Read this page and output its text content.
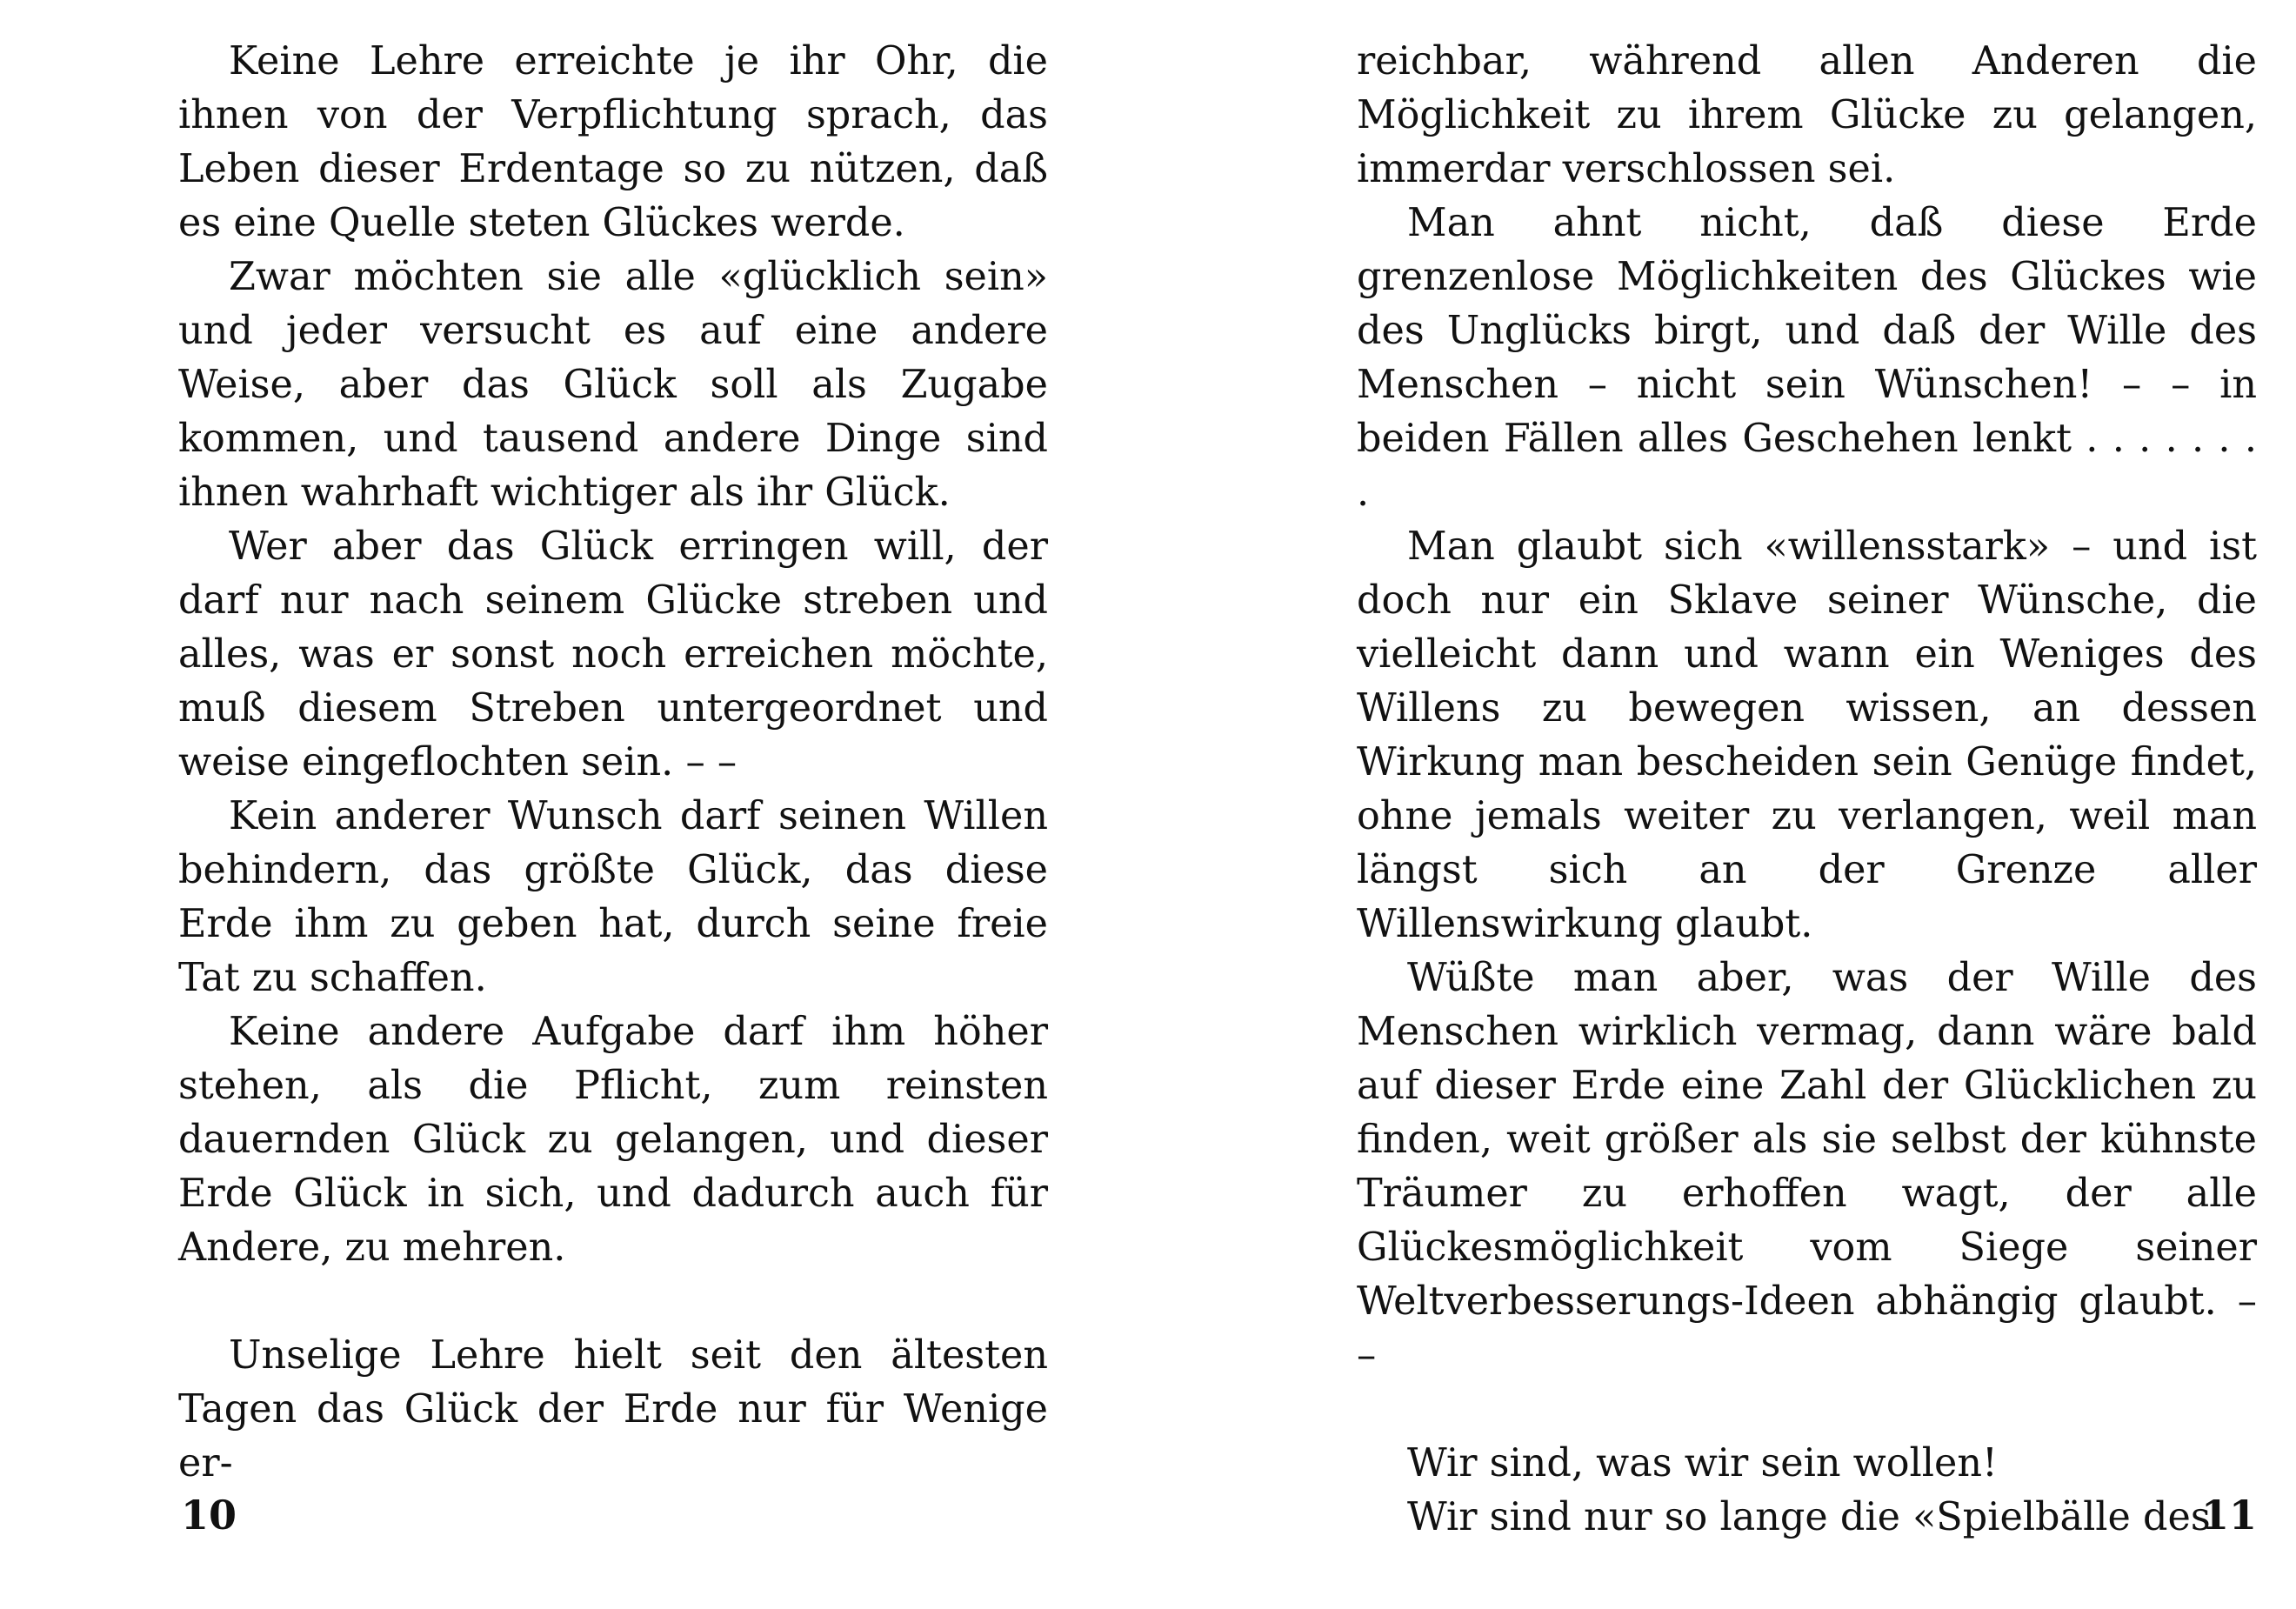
Keine Lehre erreichte je ihr Ohr, die ihnen von der Verpflichtung sprach, das Leben dieser Erdentage so zu nützen, daß es eine Quelle steten Glückes werde.

Zwar möchten sie alle «glücklich sein» und jeder versucht es auf eine andere Weise, aber das Glück soll als Zugabe kommen, und tausend andere Dinge sind ihnen wahrhaft wichtiger als ihr Glück.

Wer aber das Glück erringen will, der darf nur nach seinem Glücke streben und alles, was er sonst noch erreichen möchte, muß diesem Streben untergeordnet und weise eingeflochten sein. – –

Kein anderer Wunsch darf seinen Willen behindern, das größte Glück, das diese Erde ihm zu geben hat, durch seine freie Tat zu schaffen.

Keine andere Aufgabe darf ihm höher stehen, als die Pflicht, zum reinsten dauernden Glück zu gelangen, und dieser Erde Glück in sich, und dadurch auch für Andere, zu mehren.

Unselige Lehre hielt seit den ältesten Tagen das Glück der Erde nur für Wenige er-

10

reichbar, während allen Anderen die Möglichkeit zu ihrem Glücke zu gelangen, immerdar verschlossen sei.

Man ahnt nicht, daß diese Erde grenzenlose Möglichkeiten des Glückes wie des Unglücks birgt, und daß der Wille des Menschen – nicht sein Wünschen! – – in beiden Fällen alles Geschehen lenkt . . . . . . . .

Man glaubt sich «willensstark» – und ist doch nur ein Sklave seiner Wünsche, die vielleicht dann und wann ein Weniges des Willens zu bewegen wissen, an dessen Wirkung man bescheiden sein Genüge findet, ohne jemals weiter zu verlangen, weil man längst sich an der Grenze aller Willenswirkung glaubt.

Wüßte man aber, was der Wille des Menschen wirklich vermag, dann wäre bald auf dieser Erde eine Zahl der Glücklichen zu finden, weit größer als sie selbst der kühnste Träumer zu erhoffen wagt, der alle Glückesmöglichkeit vom Siege seiner Weltverbesserungs-Ideen abhängig glaubt. – –

Wir sind, was wir sein wollen!

Wir sind nur so lange die «Spielbälle des

11
